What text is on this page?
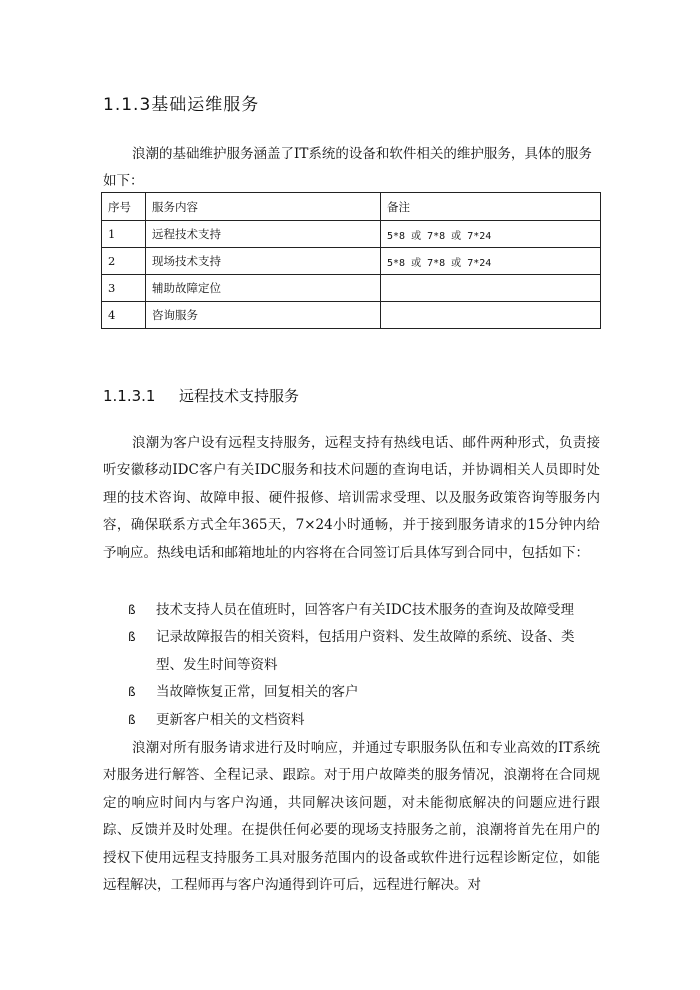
1.1.3基础运维服务
浪潮的基础维护服务涵盖了IT系统的设备和软件相关的维护服务，具体的服务如下：
序号	服务内容	备注
1	远程技术支持	5*8 或 7*8 或 7*24
2	现场技术支持	5*8 或 7*8 或 7*24
3	辅助故障定位	
4	咨询服务	
1.1.3.1 远程技术支持服务
浪潮为客户设有远程支持服务，远程支持有热线电话、邮件两种形式，负责接听安徽移动IDC客户有关IDC服务和技术问题的查询电话，并协调相关人员即时处理的技术咨询、故障申报、硬件报修、培训需求受理、以及服务政策咨询等服务内容，确保联系方式全年365天，7×24小时通畅，并于接到服务请求的15分钟内给予响应。热线电话和邮箱地址的内容将在合同签订后具体写到合同中，包括如下：
ß 技术支持人员在值班时，回答客户有关IDC技术服务的查询及故障受理
ß 记录故障报告的相关资料，包括用户资料、发生故障的系统、设备、类型、发生时间等资料
ß 当故障恢复正常，回复相关的客户
ß 更新客户相关的文档资料
浪潮对所有服务请求进行及时响应，并通过专职服务队伍和专业高效的IT系统对服务进行解答、全程记录、跟踪。对于用户故障类的服务情况，浪潮将在合同规定的响应时间内与客户沟通，共同解决该问题，对未能彻底解决的问题应进行跟踪、反馈并及时处理。在提供任何必要的现场支持服务之前，浪潮将首先在用户的授权下使用远程支持服务工具对服务范围内的设备或软件进行远程诊断定位，如能远程解决，工程师再与客户沟通得到许可后，远程进行解决。对
